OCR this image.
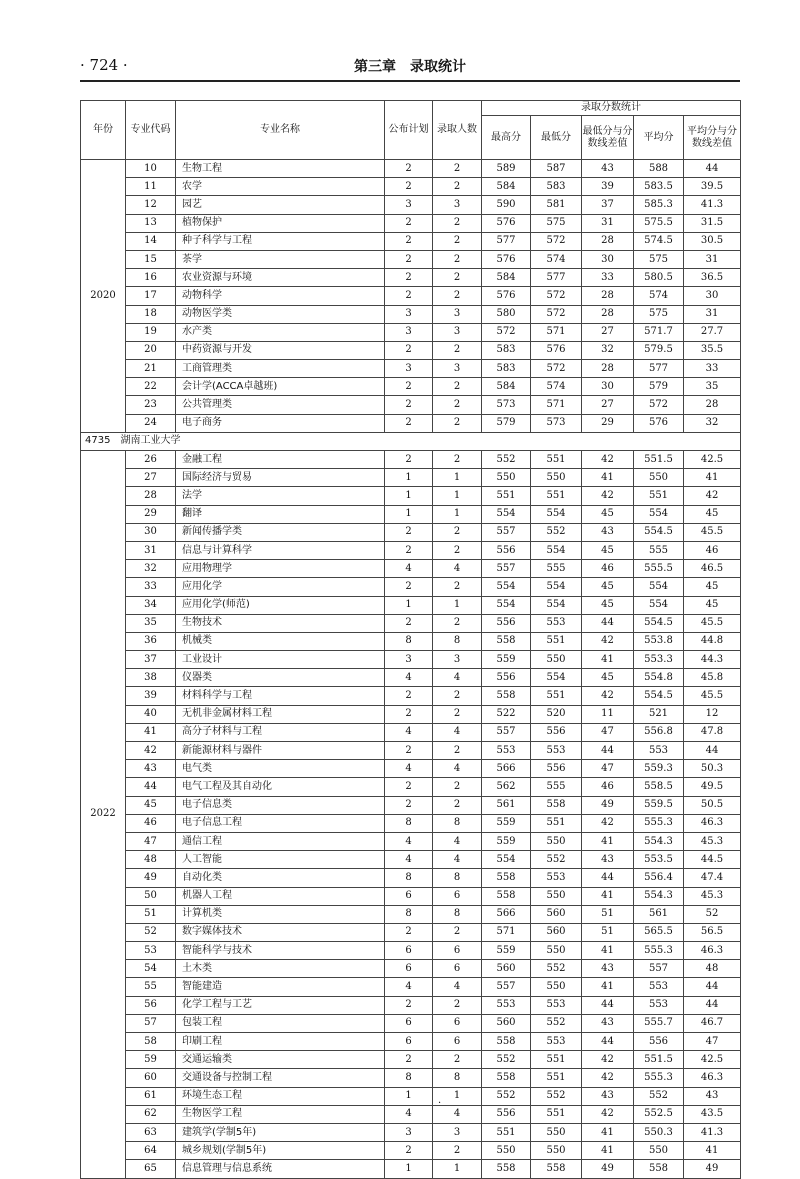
· 724 ·	第三章　录取统计
年份	专业代码	专业名称	公布计划	录取人数	录取分数统计				
					最高分	最低分	最低分与分数线差值	平均分	平均分与分数线差值
2020	10	生物工程	2	2	589	587	43	588	44
	11	农学	2	2	584	583	39	583.5	39.5
	12	园艺	3	3	590	581	37	585.3	41.3
	13	植物保护	2	2	576	575	31	575.5	31.5
	14	种子科学与工程	2	2	577	572	28	574.5	30.5
	15	茶学	2	2	576	574	30	575	31
	16	农业资源与环境	2	2	584	577	33	580.5	36.5
	17	动物科学	2	2	576	572	28	574	30
	18	动物医学类	3	3	580	572	28	575	31
	19	水产类	3	3	572	571	27	571.7	27.7
	20	中药资源与开发	2	2	583	576	32	579.5	35.5
	21	工商管理类	3	3	583	572	28	577	33
	22	会计学(ACCA卓越班)	2	2	584	574	30	579	35
	23	公共管理类	2	2	573	571	27	572	28
	24	电子商务	2	2	579	573	29	576	32
4735　湖南工业大学									
2022	26	金融工程	2	2	552	551	42	551.5	42.5
	27	国际经济与贸易	1	1	550	550	41	550	41
	28	法学	1	1	551	551	42	551	42
	29	翻译	1	1	554	554	45	554	45
	30	新闻传播学类	2	2	557	552	43	554.5	45.5
	31	信息与计算科学	2	2	556	554	45	555	46
	32	应用物理学	4	4	557	555	46	555.5	46.5
	33	应用化学	2	2	554	554	45	554	45
	34	应用化学(师范)	1	1	554	554	45	554	45
	35	生物技术	2	2	556	553	44	554.5	45.5
	36	机械类	8	8	558	551	42	553.8	44.8
	37	工业设计	3	3	559	550	41	553.3	44.3
	38	仪器类	4	4	556	554	45	554.8	45.8
	39	材料科学与工程	2	2	558	551	42	554.5	45.5
	40	无机非金属材料工程	2	2	522	520	11	521	12
	41	高分子材料与工程	4	4	557	556	47	556.8	47.8
	42	新能源材料与器件	2	2	553	553	44	553	44
	43	电气类	4	4	566	556	47	559.3	50.3
	44	电气工程及其自动化	2	2	562	555	46	558.5	49.5
	45	电子信息类	2	2	561	558	49	559.5	50.5
	46	电子信息工程	8	8	559	551	42	555.3	46.3
	47	通信工程	4	4	559	550	41	554.3	45.3
	48	人工智能	4	4	554	552	43	553.5	44.5
	49	自动化类	8	8	558	553	44	556.4	47.4
	50	机器人工程	6	6	558	550	41	554.3	45.3
	51	计算机类	8	8	566	560	51	561	52
	52	数字媒体技术	2	2	571	560	51	565.5	56.5
	53	智能科学与技术	6	6	559	550	41	555.3	46.3
	54	土木类	6	6	560	552	43	557	48
	55	智能建造	4	4	557	550	41	553	44
	56	化学工程与工艺	2	2	553	553	44	553	44
	57	包装工程	6	6	560	552	43	555.7	46.7
	58	印刷工程	6	6	558	553	44	556	47
	59	交通运输类	2	2	552	551	42	551.5	42.5
	60	交通设备与控制工程	8	8	558	551	42	555.3	46.3
	61	环境生态工程	1	1	552	552	43	552	43
	62	生物医学工程	4	4	556	551	42	552.5	43.5
	63	建筑学(学制5年)	3	3	551	550	41	550.3	41.3
	64	城乡规划(学制5年)	2	2	550	550	41	550	41
	65	信息管理与信息系统	1	1	558	558	49	558	49
·
